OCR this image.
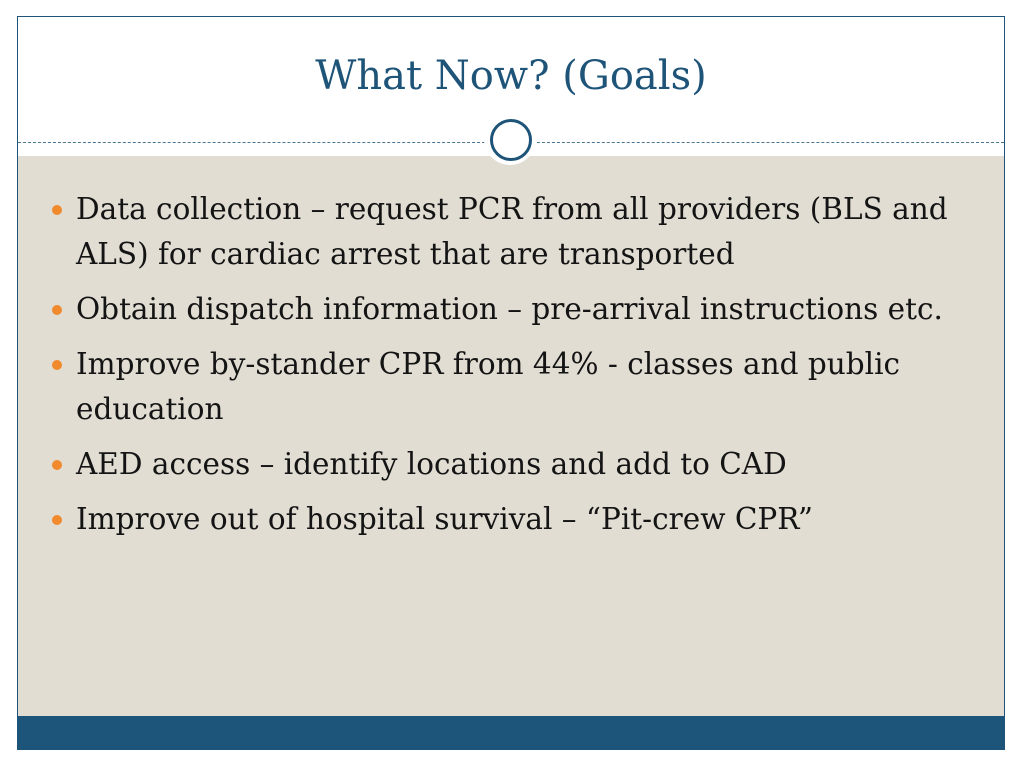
What Now? (Goals)
Data collection – request PCR from all providers (BLS and ALS) for cardiac arrest that are transported
Obtain dispatch information – pre-arrival instructions etc.
Improve by-stander CPR from 44% - classes and public education
AED access – identify locations and add to CAD
Improve out of hospital survival – “Pit-crew CPR”
